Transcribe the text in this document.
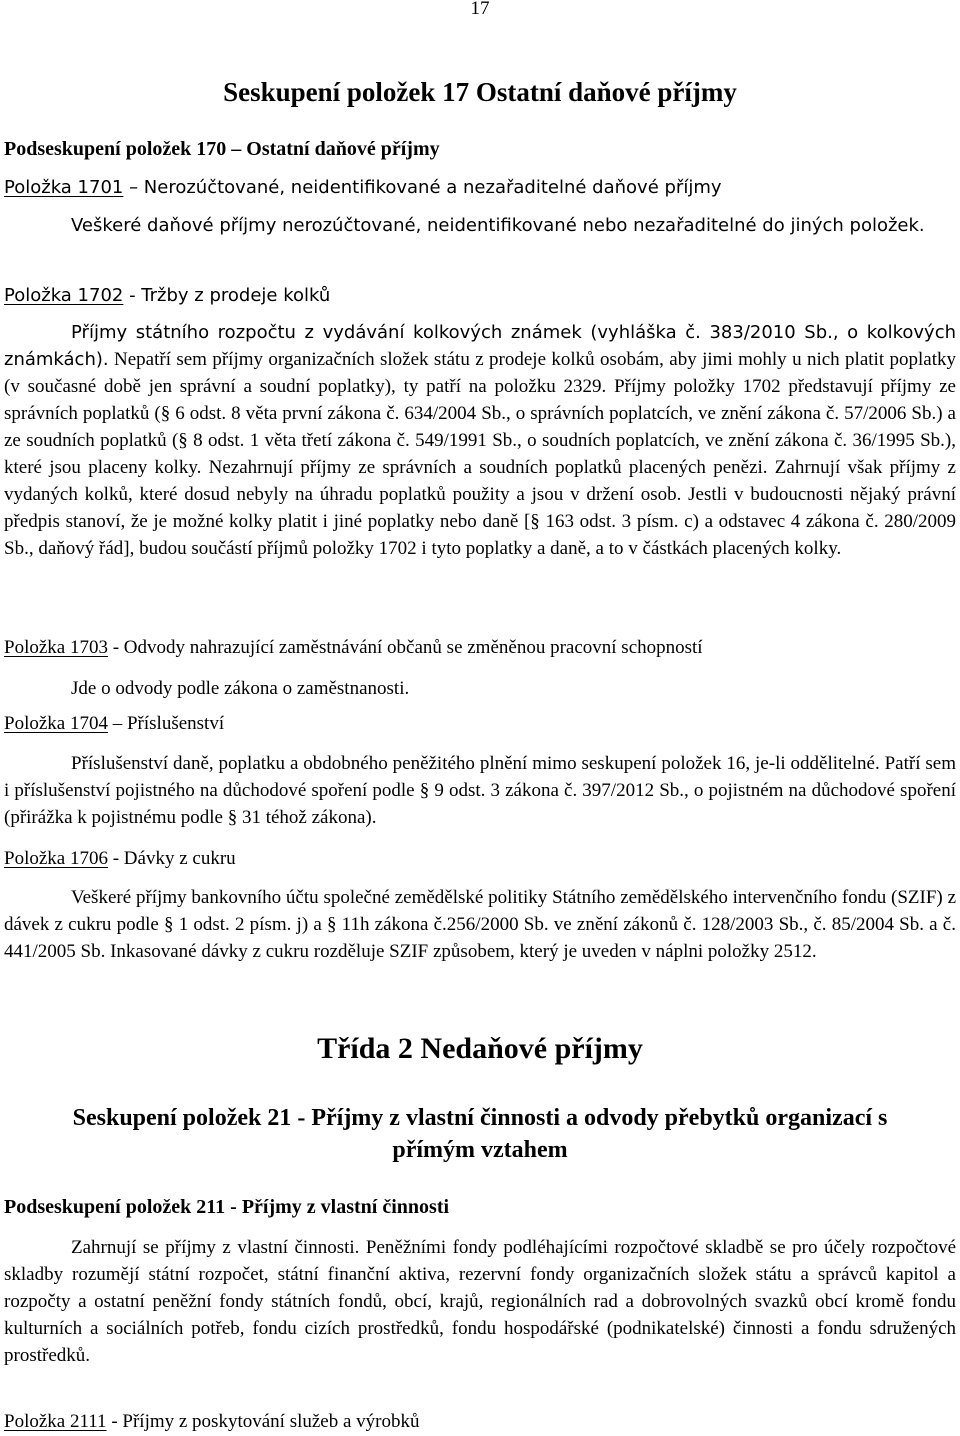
17
Seskupení položek 17 Ostatní daňové příjmy
Podseskupení položek 170 – Ostatní daňové příjmy
Položka 1701 – Nerozúčtované, neidentifikované a nezařaditelné daňové příjmy

Veškeré daňové příjmy nerozúčtované, neidentifikované nebo nezařaditelné do jiných položek.

Položka 1702 - Tržby z prodeje kolků

Příjmy státního rozpočtu z vydávání kolkových známek (vyhláška č. 383/2010 Sb., o kolkových známkách). Nepatří sem příjmy organizačních složek státu z prodeje kolků osobám, aby jimi mohly u nich platit poplatky (v současné době jen správní a soudní poplatky), ty patří na položku 2329. Příjmy položky 1702 představují příjmy ze správních poplatků (§ 6 odst. 8 věta první zákona č. 634/2004 Sb., o správních poplatcích, ve znění zákona č. 57/2006 Sb.) a ze soudních poplatků (§ 8 odst. 1 věta třetí zákona č. 549/1991 Sb., o soudních poplatcích, ve znění zákona č. 36/1995 Sb.), které jsou placeny kolky. Nezahrnují příjmy ze správních a soudních poplatků placených penězi. Zahrnují však příjmy z vydaných kolků, které dosud nebyly na úhradu poplatků použity a jsou v držení osob. Jestli v budoucnosti nějaký právní předpis stanoví, že je možné kolky platit i jiné poplatky nebo daně [§ 163 odst. 3 písm. c) a odstavec 4 zákona č. 280/2009 Sb., daňový řád], budou součástí příjmů položky 1702 i tyto poplatky a daně, a to v částkách placených kolky.

Položka 1703 - Odvody nahrazující zaměstnávání občanů se změněnou pracovní schopností

Jde o odvody podle zákona o zaměstnanosti.

Položka 1704 – Příslušenství

Příslušenství daně, poplatku a obdobného peněžitého plnění mimo seskupení položek 16, je-li oddělitelné. Patří sem i příslušenství pojistného na důchodové spoření podle § 9 odst. 3 zákona č. 397/2012 Sb., o pojistném na důchodové spoření (přirážka k pojistnému podle § 31 téhož zákona).

Položka 1706 - Dávky z cukru

Veškeré příjmy bankovního účtu společné zemědělské politiky Státního zemědělského intervenčního fondu (SZIF) z dávek z cukru podle § 1 odst. 2 písm. j) a § 11h zákona č.256/2000 Sb. ve znění zákonů č. 128/2003 Sb., č. 85/2004 Sb. a č. 441/2005 Sb. Inkasované dávky z cukru rozděluje SZIF způsobem, který je uveden v náplni položky 2512.

Třída 2 Nedaňové příjmy
Seskupení položek 21 - Příjmy z vlastní činnosti a odvody přebytků organizací s přímým vztahem
Podseskupení položek 211 - Příjmy z vlastní činnosti

Zahrnují se příjmy z vlastní činnosti. Peněžními fondy podléhajícími rozpočtové skladbě se pro účely rozpočtové skladby rozumějí státní rozpočet, státní finanční aktiva, rezervní fondy organizačních složek státu a správců kapitol a rozpočty a ostatní peněžní fondy státních fondů, obcí, krajů, regionálních rad a dobrovolných svazků obcí kromě fondu kulturních a sociálních potřeb, fondu cizích prostředků, fondu hospodářské (podnikatelské) činnosti a fondu sdružených prostředků.

Položka 2111 - Příjmy z poskytování služeb a výrobků
